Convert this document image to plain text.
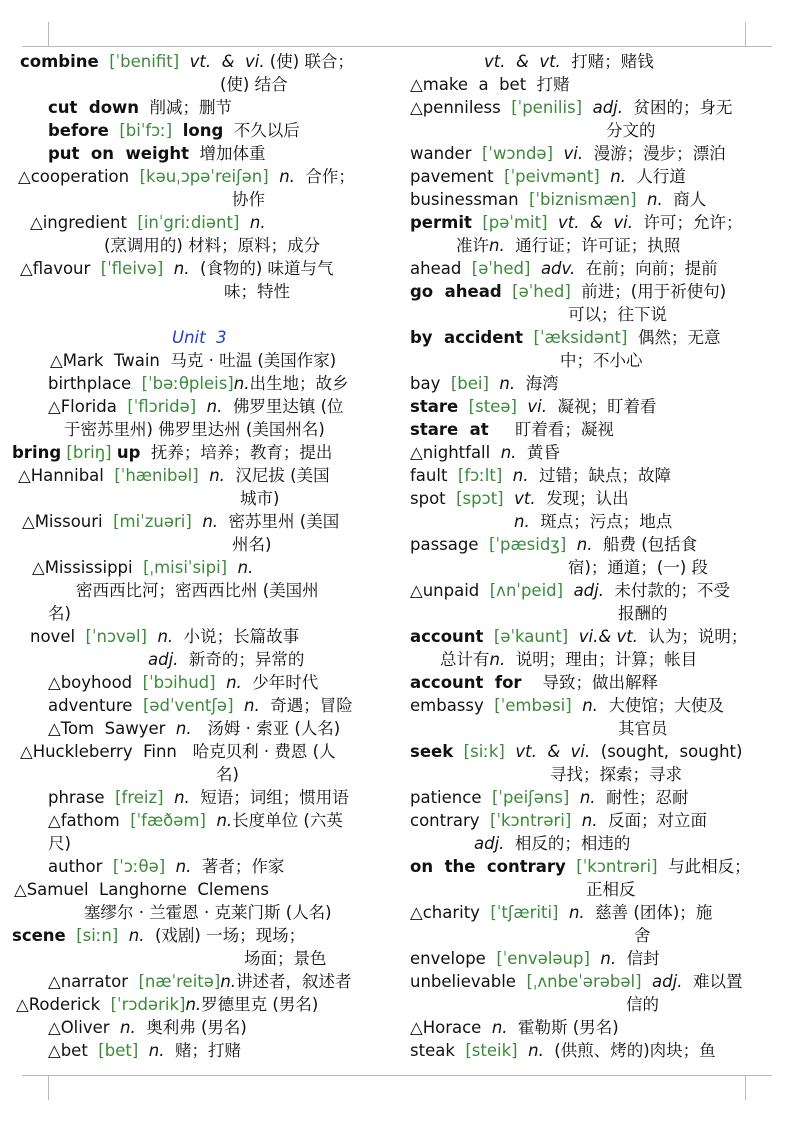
combine  [ˈbenifit]  vt.  &  vi. (使) 联合；
(使) 结合
cut  down  削减；删节
before  [biˈfɔː]  long  不久以后
put  on  weight  增加体重
△cooperation  [kəuˌɔpəˈreiʃən]  n.  合作；
协作
△ingredient  [inˈgriːdiənt]  n.
(烹调用的) 材料；原料；成分
△flavour  [ˈfleivə]  n.  (食物的) 味道与气
味；特性
Unit  3
△Mark  Twain  马克 · 吐温 (美国作家)
birthplace  [ˈbəːθpleis]n.出生地；故乡
△Florida  [ˈflɔridə]  n.  佛罗里达镇 (位
于密苏里州) 佛罗里达州 (美国州名)
bring [briŋ] up  抚养；培养；教育；提出
△Hannibal  [ˈhænibəl]  n.  汉尼拔 (美国
城市)
△Missouri  [miˈzuəri]  n.  密苏里州 (美国
州名)
△Mississippi  [ˌmisiˈsipi]  n.
密西西比河；密西西比州 (美国州
名)
novel  [ˈnɔvəl]  n.  小说；长篇故事
adj.  新奇的；异常的
△boyhood  [ˈbɔihud]  n.  少年时代
adventure  [ədˈventʃə]  n.  奇遇；冒险
△Tom  Sawyer  n.   汤姆 · 索亚 (人名)
△Huckleberry  Finn   哈克贝利 · 费恩 (人
名)
phrase  [freiz]  n.  短语；词组；惯用语
△fathom  [ˈfæðəm]  n.长度单位 (六英
尺)
author  [ˈɔːθə]  n.  著者；作家
△Samuel  Langhorne  Clemens
塞缪尔 · 兰霍恩 · 克莱门斯 (人名)
scene  [siːn]  n.  (戏剧) 一场；现场；
场面；景色
△narrator  [næˈreitə]n.讲述者，叙述者
△Roderick  [ˈrɔdərik]n.罗德里克 (男名)
△Oliver  n.  奥利弗 (男名)
△bet  [bet]  n.  赌；打赌
vt.  &  vt.  打赌；赌钱
△make  a  bet  打赌
△penniless  [ˈpenilis]  adj.  贫困的；身无
分文的
wander  [ˈwɔndə]  vi.  漫游；漫步；漂泊
pavement  [ˈpeivmənt]  n.  人行道
businessman  [ˈbiznismæn]  n.  商人
permit  [pəˈmit]  vt.  &  vi.  许可；允许；
准许n.  通行证；许可证；执照
ahead  [əˈhed]  adv.  在前；向前；提前
go  ahead  [əˈhed]  前进；(用于祈使句)
可以；往下说
by  accident  [ˈæksidənt]  偶然；无意
中；不小心
bay  [bei]  n.  海湾
stare  [steə]  vi.  凝视；盯着看
stare  at     盯着看；凝视
△nightfall  n.  黄昏
fault  [fɔːlt]  n.  过错；缺点；故障
spot  [spɔt]  vt.  发现；认出
n.  斑点；污点；地点
passage  [ˈpæsidʒ]  n.  船费 (包括食
宿)；通道；(一) 段
△unpaid  [ʌnˈpeid]  adj.  未付款的；不受
报酬的
account  [əˈkaunt]  vi.& vt.  认为；说明；
总计有n.  说明；理由；计算；帐目
account  for    导致；做出解释
embassy  [ˈembəsi]  n.  大使馆；大使及
其官员
seek  [siːk]  vt.  &  vi.  (sought,  sought)
寻找；探索；寻求
patience  [ˈpeiʃəns]  n.  耐性；忍耐
contrary  [ˈkɔntrəri]  n.  反面；对立面
adj.  相反的；相违的
on  the  contrary  [ˈkɔntrəri]  与此相反；
正相反
△charity  [ˈtʃæriti]  n.  慈善 (团体)；施
舍
envelope  [ˈenvələup]  n.  信封
unbelievable  [ˌʌnbeˈərəbəl]  adj.  难以置
信的
△Horace  n.  霍勒斯 (男名)
steak  [steik]  n.  (供煎、烤的)肉块；鱼
